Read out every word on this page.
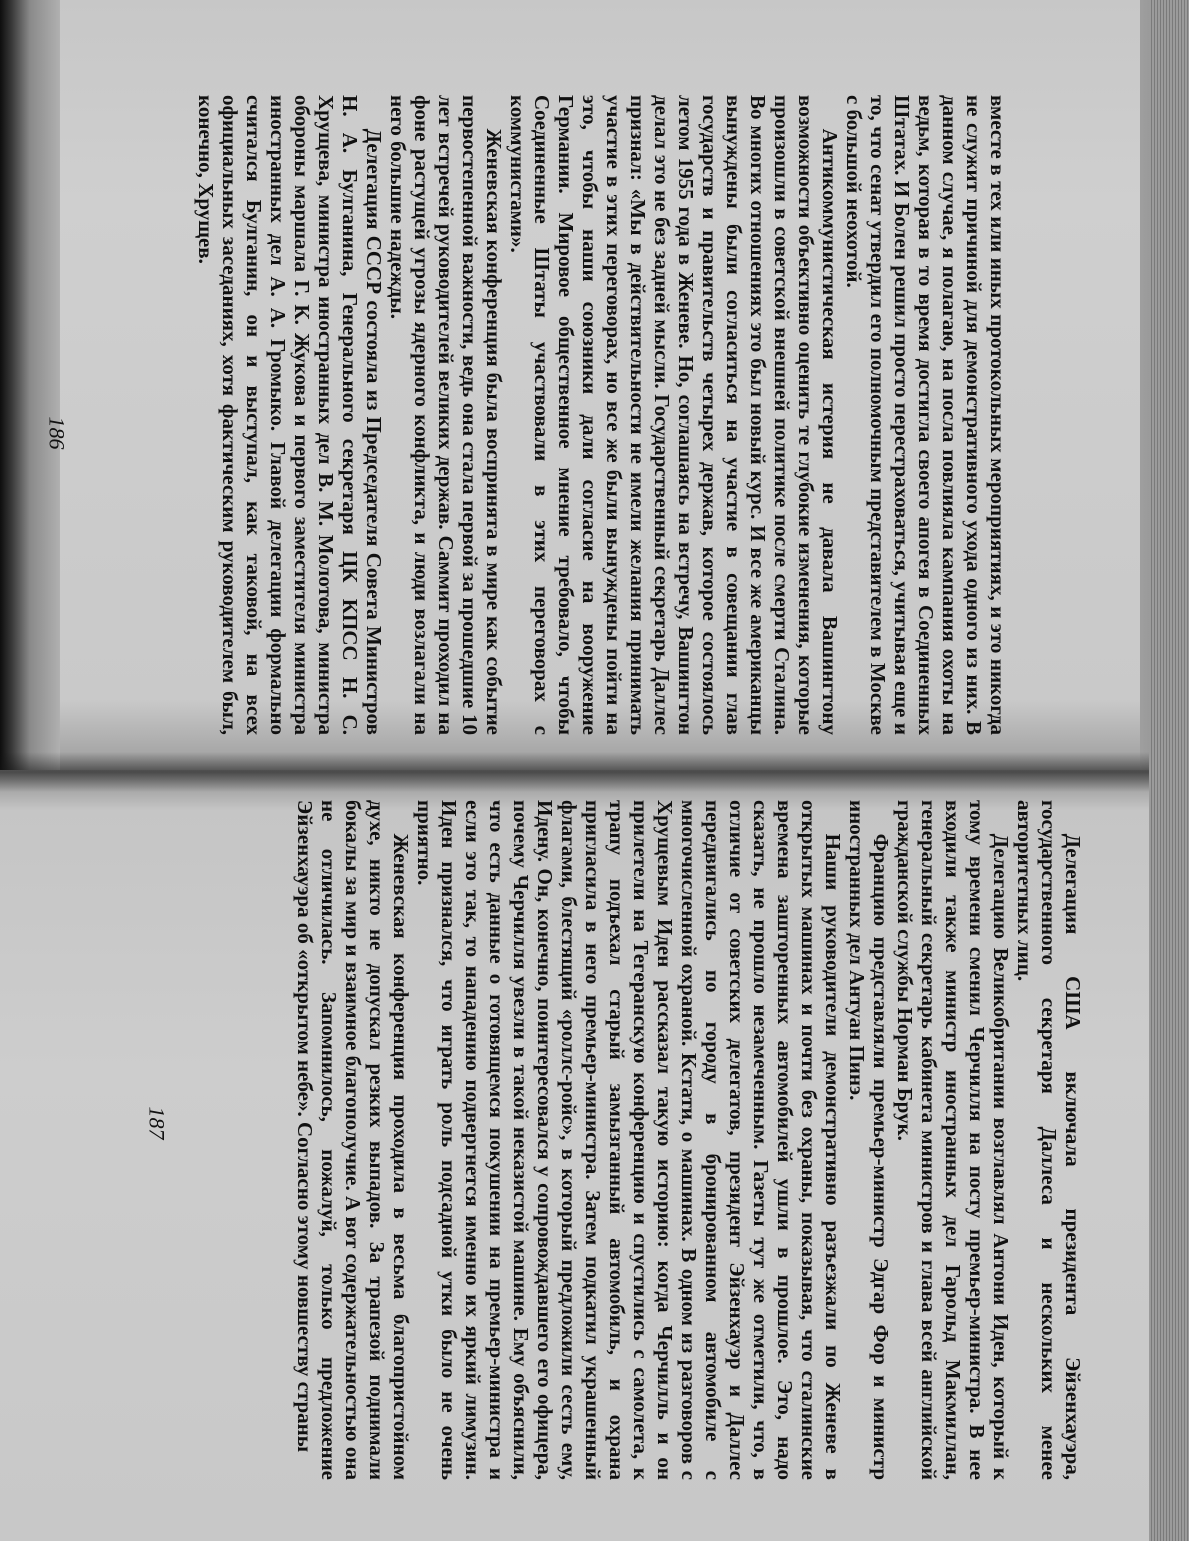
вместе в тех или иных протокольных мероприятиях, и это никогда не служит причиной для демонстративного ухода одного из них. В данном случае, я полагаю, на посла повлияла кампания охоты на ведьм, которая в то время достигла своего апогея в Соединенных Штатах. И Болен решил просто перестраховаться, учитывая еще и то, что сенат утвердил его полномочным представителем в Москве с большой неохотой.

Антикоммунистическая истерия не давала Вашингтону возможности объективно оценить те глубокие изменения, которые произошли в советской внешней политике после смерти Сталина. Во многих отношениях это был новый курс. И все же американцы вынуждены были согласиться на участие в совещании глав государств и правительств четырех держав, которое состоялось летом 1955 года в Женеве. Но, соглашаясь на встречу, Вашингтон делал это не без задней мысли. Государственный секретарь Даллес признал: «Мы в действительности не имели желания принимать участие в этих переговорах, но все же были вынуждены пойти на это, чтобы наши союзники дали согласие на вооружение Германии. Мировое общественное мнение требовало, чтобы Соединенные Штаты участвовали в этих переговорах с коммунистами».

Женевская конференция была воспринята в мире как событие первостепенной важности, ведь она стала первой за прошедшие 10 лет встречей руководителей великих держав. Саммит проходил на фоне растущей угрозы ядерного конфликта, и люди возлагали на него большие надежды.

Делегация СССР состояла из Председателя Совета Министров Н. А. Булганина, Генерального секретаря ЦК КПСС Н. С. Хрущева, министра иностранных дел В. М. Молотова, министра обороны маршала Г. К. Жукова и первого заместителя министра иностранных дел А. А. Громыко. Главой делегации формально считался Булганин, он и выступал, как таковой, на всех официальных заседаниях, хотя фактическим руководителем был, конечно, Хрущев.

186

Делегация США включала президента Эйзенхауэра, государственного секретаря Даллеса и нескольких менее авторитетных лиц.

Делегацию Великобритании возглавлял Антони Иден, который к тому времени сменил Черчилля на посту премьер-министра. В нее входили также министр иностранных дел Гарольд Макмиллан, генеральный секретарь кабинета министров и глава всей английской гражданской службы Норман Брук.

Францию представляли премьер-министр Эдгар Фор и министр иностранных дел Антуан Пинэ.

Наши руководители демонстративно разъезжали по Женеве в открытых машинах и почти без охраны, показывая, что сталинские времена зашторенных автомобилей ушли в прошлое. Это, надо сказать, не прошло незамеченным. Газеты тут же отметили, что, в отличие от советских делегатов, президент Эйзенхауэр и Даллес передвигались по городу в бронированном автомобиле с многочисленной охраной. Кстати, о машинах. В одном из разговоров с Хрущевым Иден рассказал такую историю: когда Черчилль и он прилетели на Тегеранскую конференцию и спустились с самолета, к трапу подъехал старый замызганный автомобиль, и охрана пригласила в него премьер-министра. Затем подкатил украшенный флагами, блестящий «роллс-ройс», в который предложили сесть ему, Идену. Он, конечно, поинтересовался у сопровождавшего его офицера, почему Черчилля увезли в такой неказистой машине. Ему объяснили, что есть данные о готовящемся покушении на премьер-министра и если это так, то нападению подвергнется именно их яркий лимузин. Иден признался, что играть роль подсадной утки было не очень приятно.

Женевская конференция проходила в весьма благопристойном духе, никто не допускал резких выпадов. За трапезой поднимали бокалы за мир и взаимное благополучие. А вот содержательностью она не отличилась. Запомнилось, пожалуй, только предложение Эйзенхауэра об «открытом небе». Согласно этому новшеству страны

187
